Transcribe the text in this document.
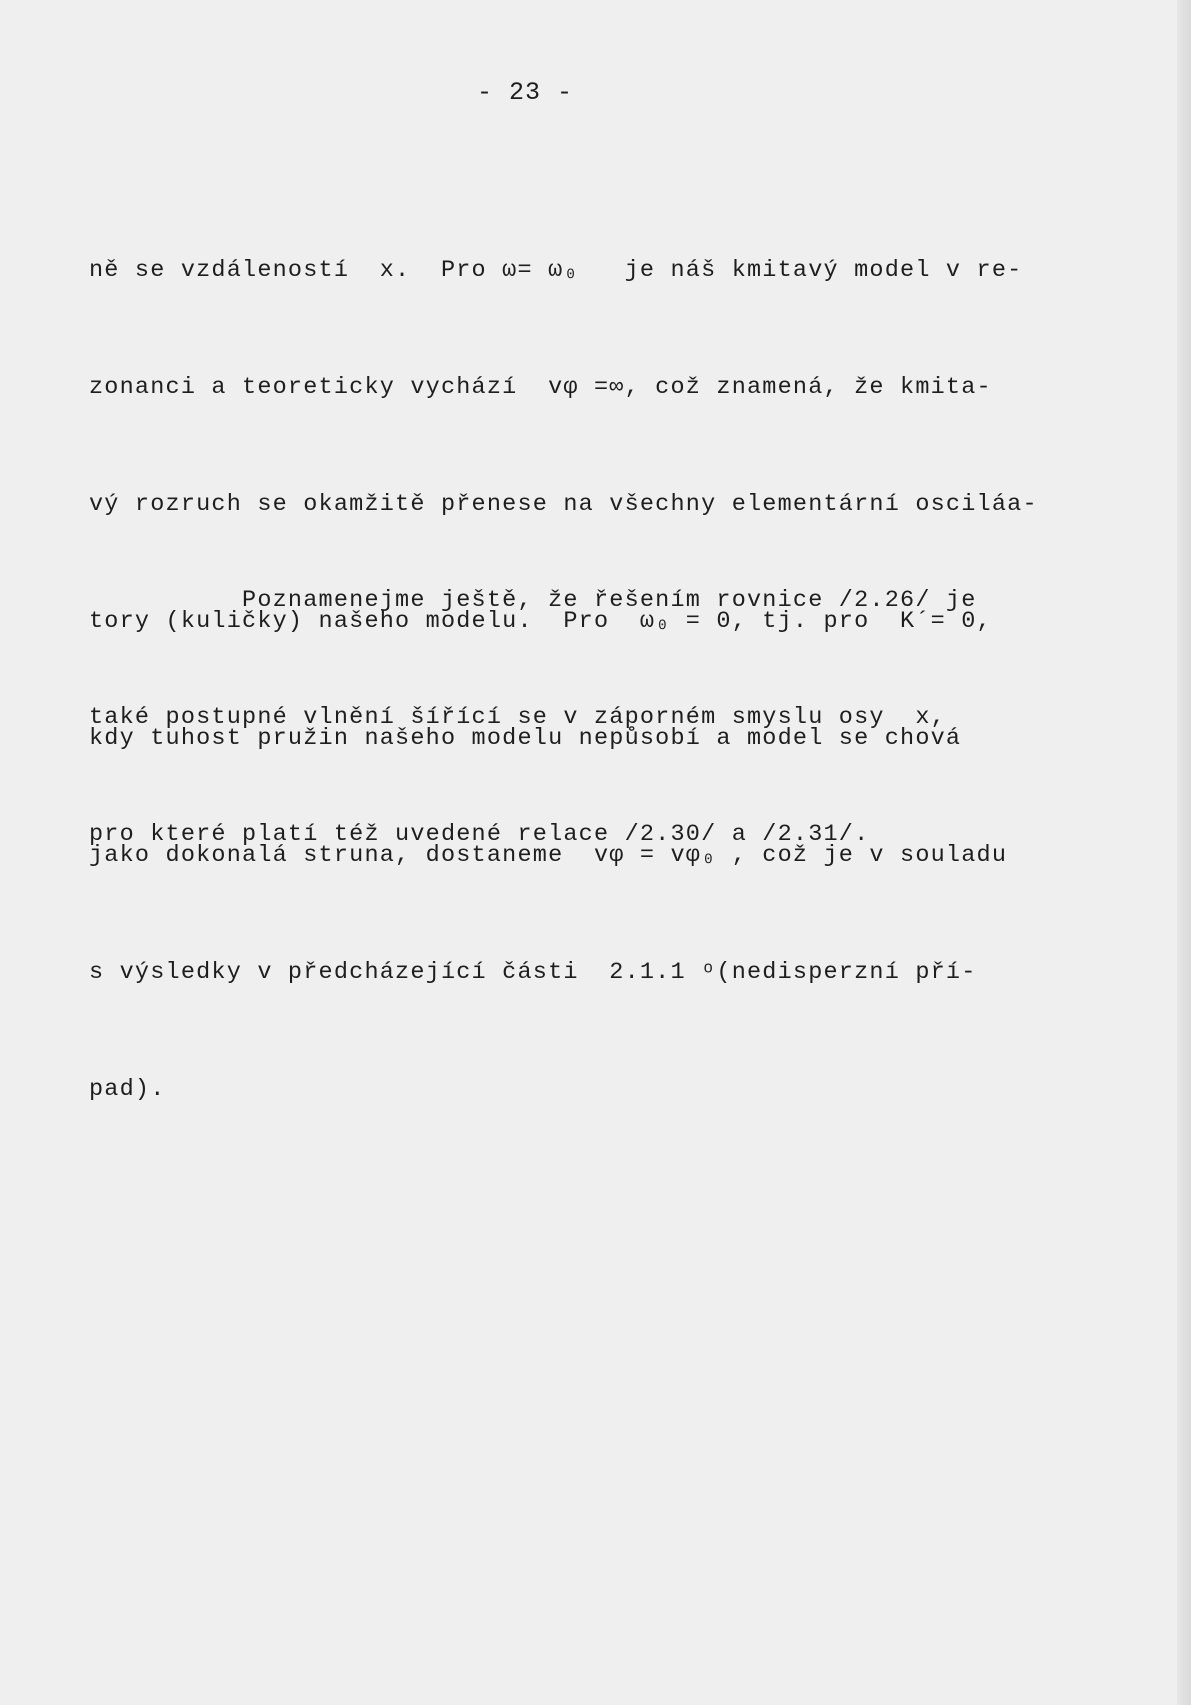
- 23 -

ně se vzdáleností  x.  Pro ω= ω₀   je náš kmitavý model v re-

zonanci a teoreticky vychází  vφ =∞, což znamená, že kmita-

vý rozruch se okamžitě přenese na všechny elementární osciláa-

tory (kuličky) našeho modelu.  Pro  ω₀ = 0, tj. pro  K´= 0,

kdy tuhost pružin našeho modelu nepůsobí a model se chová

jako dokonalá struna, dostaneme  vφ = vφ₀ , což je v souladu

s výsledky v předcházející části  2.1.1 ᵒ(nedisperzní pří-

pad).

Poznamenejme ještě, že řešením rovnice /2.26/ je

také postupné vlnění šířící se v záporném smyslu osy  x,

pro které platí též uvedené relace /2.30/ a /2.31/.
